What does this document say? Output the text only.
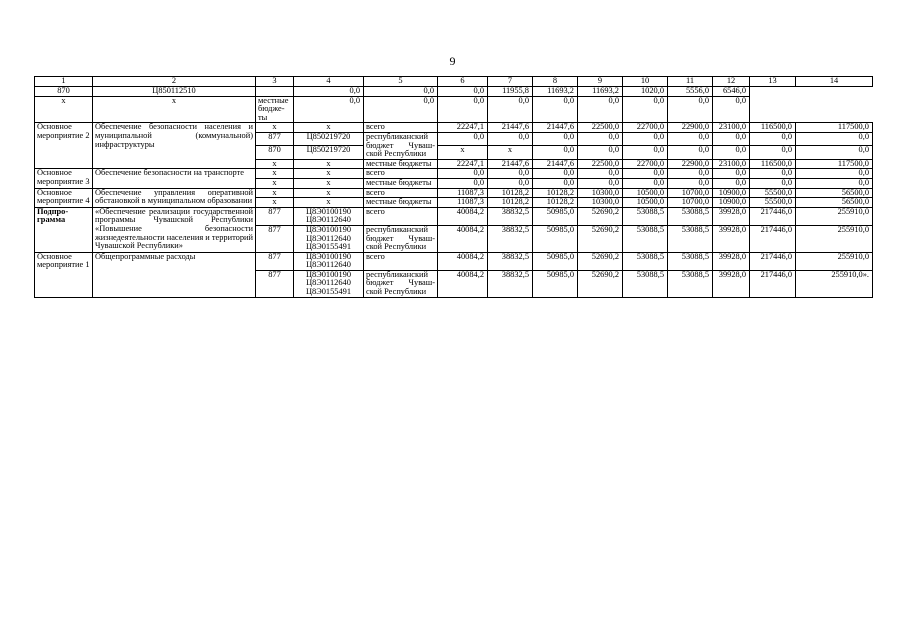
9
1	2	3	4	5	6	7	8	9	10	11	12	13	14
870	Ц850112510		0,0	0,0	0,0	11955,8	11693,2	11693,2	1020,0	5556,0	6546,0		
х	х	местные бюджеты	0,0	0,0	0,0	0,0	0,0	0,0	0,0	0,0	0,0		
Основное мероприятие 2	Обеспечение безопасности населения и муниципальной (коммунальной) инфраструктуры	х	х	всего	22247,1	21447,6	21447,6	22500,0	22700,0	22900,0	23100,0	116500,0	117500,0
		877	Ц850219720	республиканский бюджет Чувашской Республики	0,0	0,0	0,0	0,0	0,0	0,0	0,0	0,0	0,0
		870	Ц850219720		х	х	0,0	0,0	0,0	0,0	0,0	0,0	0,0
		х	х	местные бюджеты	22247,1	21447,6	21447,6	22500,0	22700,0	22900,0	23100,0	116500,0	117500,0
Основное мероприятие 3	Обеспечение безопасности на транспорте	х	х	всего	0,0	0,0	0,0	0,0	0,0	0,0	0,0	0,0	0,0
		х	х	местные бюджеты	0,0	0,0	0,0	0,0	0,0	0,0	0,0	0,0	0,0
Основное мероприятие 4	Обеспечение управления оперативной обстановкой в муниципальном образовании	х	х	всего	11087,3	10128,2	10128,2	10300,0	10500,0	10700,0	10900,0	55500,0	56500,0
		х	х	местные бюджеты	11087,3	10128,2	10128,2	10300,0	10500,0	10700,0	10900,0	55500,0	56500,0
Подпрограмма	«Обеспечение реализации государственной программы Чувашской Республики «Повышение безопасности жизнедеятельности населения и территорий Чувашской Республики»	877	Ц8Э0100190 Ц8Э0112640	всего	40084,2	38832,5	50985,0	52690,2	53088,5	53088,5	39928,0	217446,0	255910,0
		877	Ц8Э0100190 Ц8Э0112640 Ц8Э0155491	республиканский бюджет Чувашской Республики	40084,2	38832,5	50985,0	52690,2	53088,5	53088,5	39928,0	217446,0	255910,0
Основное мероприятие 1	Общепрограммные расходы	877	Ц8Э0100190 Ц8Э0112640	всего	40084,2	38832,5	50985,0	52690,2	53088,5	53088,5	39928,0	217446,0	255910,0
		877	Ц8Э0100190 Ц8Э0112640 Ц8Э0155491	республиканский бюджет Чувашской Республики	40084,2	38832,5	50985,0	52690,2	53088,5	53088,5	39928,0	217446,0	255910,0».
